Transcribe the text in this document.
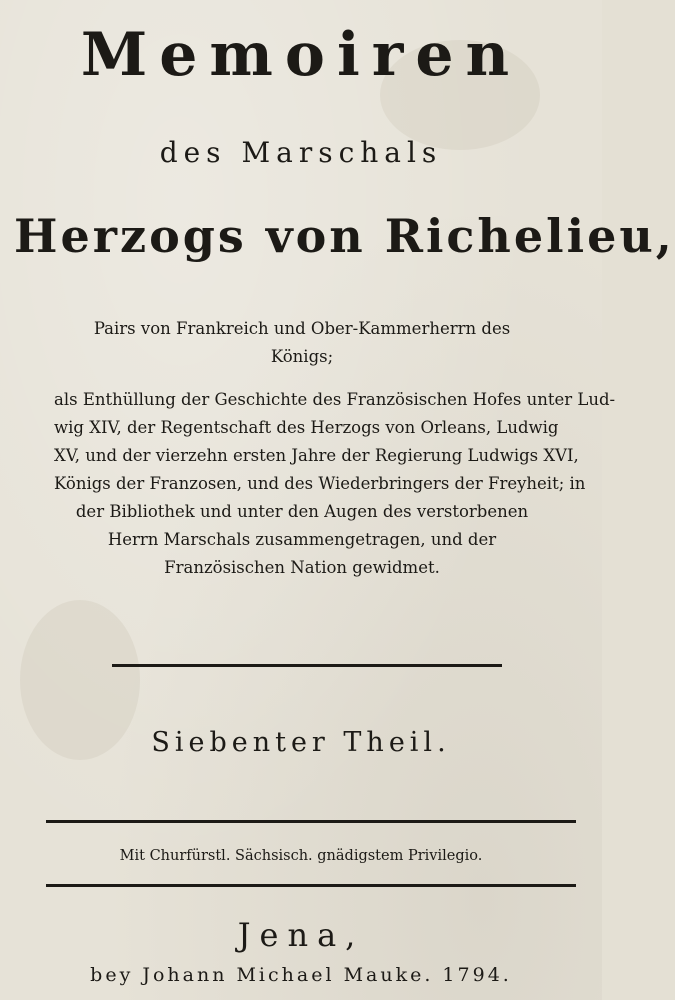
Memoiren
des Marschals
Herzogs von Richelieu,
Pairs von Frankreich und Ober-Kammerherrn des
Königs;
als Enthüllung der Geschichte des Französischen Hofes unter Lud-
wig XIV, der Regentschaft des Herzogs von Orleans, Ludwig
XV, und der vierzehn ersten Jahre der Regierung Ludwigs XVI,
Königs der Franzosen, und des Wiederbringers der Freyheit; in
der Bibliothek und unter den Augen des verstorbenen
Herrn Marschals zusammengetragen, und der
Französischen Nation gewidmet.
Siebenter Theil.
Mit Churfürstl. Sächsisch. gnädigstem Privilegio.
Jena,
bey Johann Michael Mauke. 1794.
